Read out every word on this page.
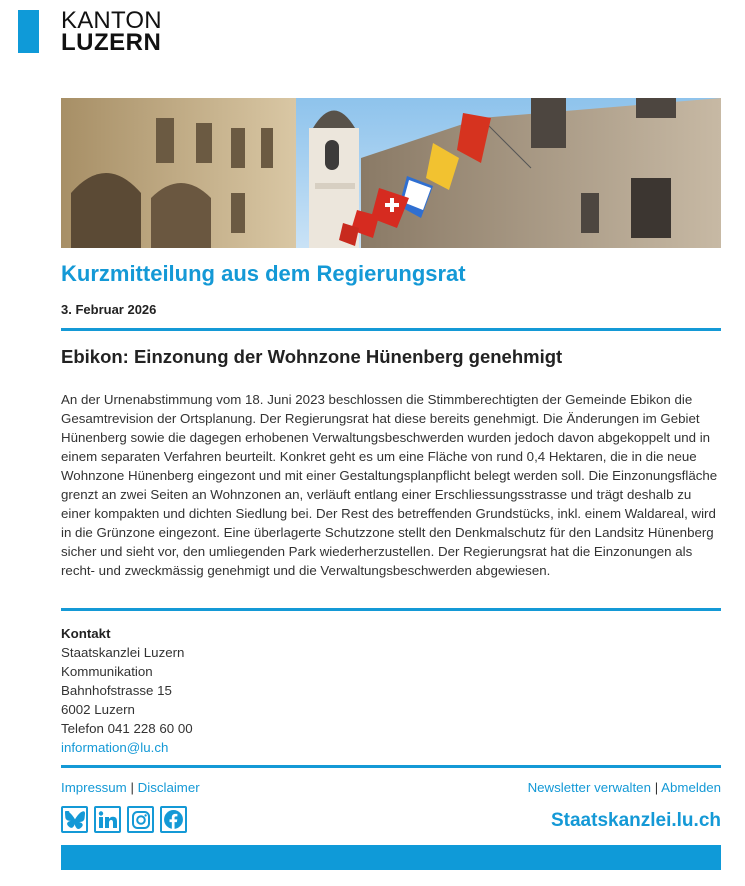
KANTON
LUZERN
Kurzmitteilung aus dem Regierungsrat
3. Februar 2026
Ebikon: Einzonung der Wohnzone Hünenberg genehmigt
An der Urnenabstimmung vom 18. Juni 2023 beschlossen die Stimmberechtigten der Gemeinde Ebikon die Gesamtrevision der Ortsplanung. Der Regierungsrat hat diese bereits genehmigt. Die Änderungen im Gebiet Hünenberg sowie die dagegen erhobenen Verwaltungsbeschwerden wurden jedoch davon abgekoppelt und in einem separaten Verfahren beurteilt. Konkret geht es um eine Fläche von rund 0,4 Hektaren, die in die neue Wohnzone Hünenberg eingezont und mit einer Gestaltungsplanpflicht belegt werden soll. Die Einzonungsfläche grenzt an zwei Seiten an Wohnzonen an, verläuft entlang einer Erschliessungsstrasse und trägt deshalb zu einer kompakten und dichten Siedlung bei. Der Rest des betreffenden Grundstücks, inkl. einem Waldareal, wird in die Grünzone eingezont. Eine überlagerte Schutzzone stellt den Denkmalschutz für den Landsitz Hünenberg sicher und sieht vor, den umliegenden Park wiederherzustellen. Der Regierungsrat hat die Einzonungen als recht- und zweckmässig genehmigt und die Verwaltungsbeschwerden abgewiesen.
Kontakt
Staatskanzlei Luzern
Kommunikation
Bahnhofstrasse 15
6002 Luzern
Telefon 041 228 60 00
information@lu.ch
Impressum | Disclaimer	Newsletter verwalten | Abmelden
Staatskanzlei.lu.ch
